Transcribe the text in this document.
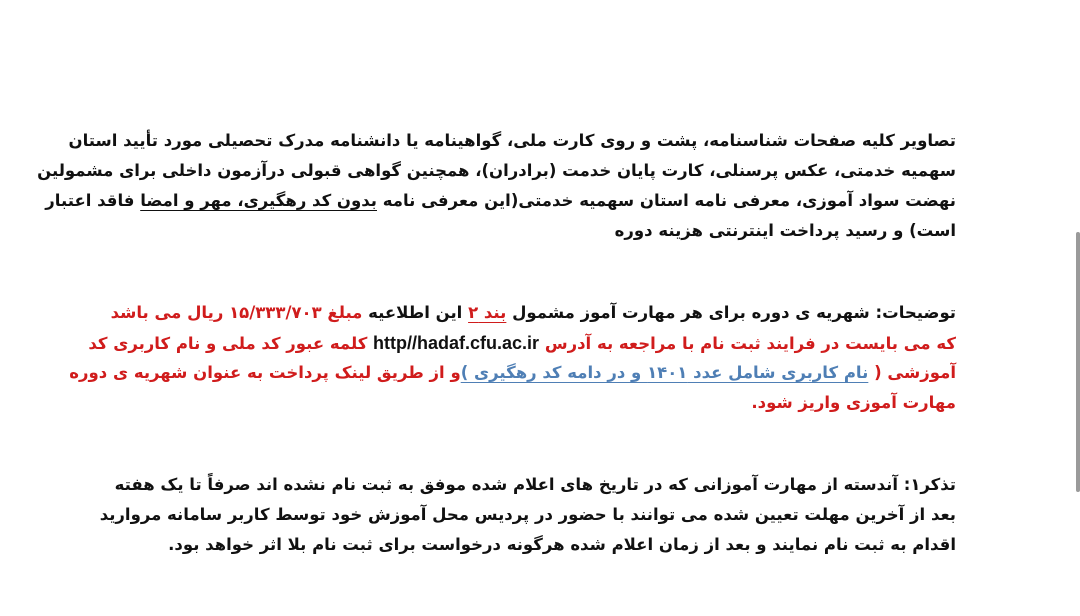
تصاویر کلیه صفحات شناسنامه، پشت و روی کارت ملی، گواهینامه یا دانشنامه مدرک تحصیلی مورد تأیید استان
سهمیه خدمتی، عکس پرسنلی، کارت پایان خدمت (برادران)، همچنین گواهی قبولی درآزمون داخلی برای مشمولین
نهضت سواد آموزی، معرفی نامه استان سهمیه خدمتی(این معرفی نامه بدون کد رهگیری، مهر و امضا فاقد اعتبار
است) و رسید پرداخت اینترنتی هزینه دوره
توضیحات: شهریه ی دوره برای هر مهارت آموز مشمول بند ۲ این اطلاعیه مبلغ ۱۵/۳۳۳/۷۰۳ ریال می باشد
که می بایست در فرایند ثبت نام با مراجعه به آدرس http//hadaf.cfu.ac.ir کلمه عبور کد ملی و نام کاربری کد
آموزشی ( نام کاربری شامل عدد ۱۴۰۱ و در دامه کد رهگیری )و از طریق لینک پرداخت به عنوان شهریه ی دوره
مهارت آموزی واریز شود.
تذکر۱: آندسته از مهارت آموزانی که در تاریخ های اعلام شده موفق به ثبت نام نشده اند صرفاً تا یک هفته
بعد از آخرین مهلت تعیین شده می توانند با حضور در پردیس محل آموزش خود توسط کاربر سامانه مروارید
اقدام به ثبت نام نمایند و بعد از زمان اعلام شده هرگونه درخواست برای ثبت نام بلا اثر خواهد بود.
